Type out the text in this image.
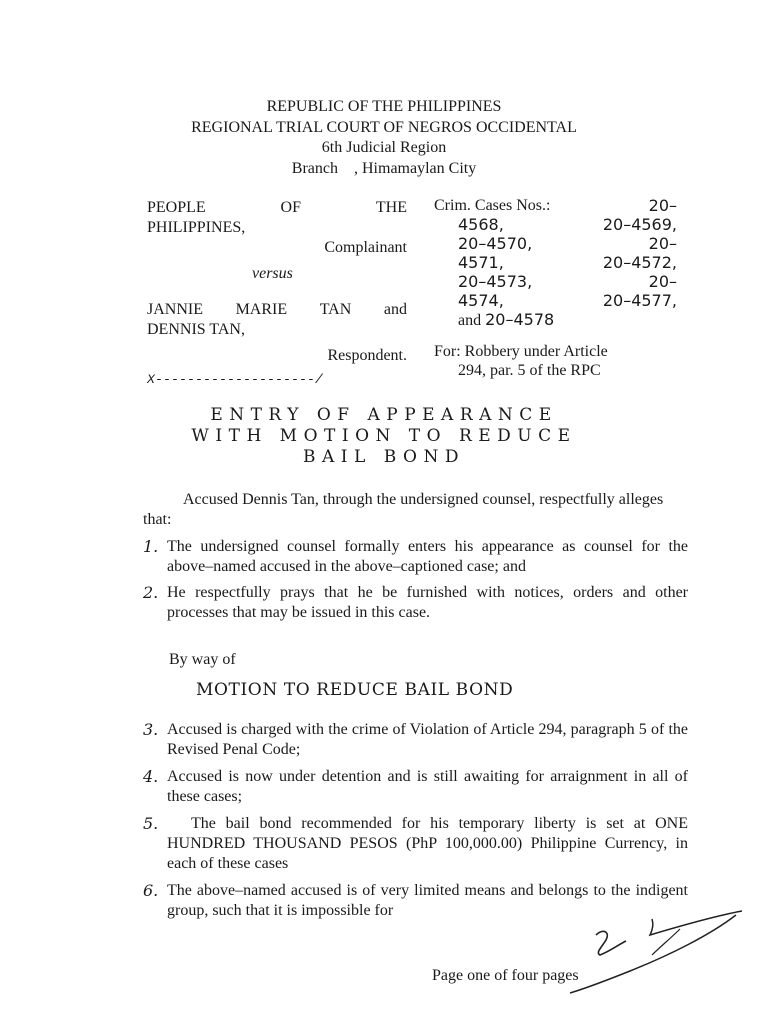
REPUBLIC OF THE PHILIPPINES
REGIONAL TRIAL COURT OF NEGROS OCCIDENTAL
6th Judicial Region
Branch    , Himamaylan City
PEOPLE	OF	THE
PHILIPPINES,
Complainant
versus
JANNIE MARIE TAN and
DENNIS TAN,
Respondent.
X--------------------/
Crim. Cases Nos.:	20–
4568,	20–4569,
20–4570,	20–
4571,	20–4572,
20–4573,	20–
4574,	20–4577,
and 20–4578
For: Robbery under Article
294, par. 5 of the RPC
ENTRY OF APPEARANCE
WITH MOTION TO REDUCE
BAIL BOND
Accused Dennis Tan, through the undersigned counsel, respectfully alleges that:
1. The undersigned counsel formally enters his appearance as counsel for the above–named accused in the above–captioned case; and
2. He respectfully prays that he be furnished with notices, orders and other processes that may be issued in this case.
By way of
MOTION TO REDUCE BAIL BOND
3. Accused is charged with the crime of Violation of Article 294, paragraph 5 of the Revised Penal Code;
4. Accused is now under detention and is still awaiting for arraignment in all of these cases;
5.	The bail bond recommended for his temporary liberty is set at ONE HUNDRED THOUSAND PESOS (PhP 100,000.00) Philippine Currency, in each of these cases
6. The above–named accused is of very limited means and belongs to the indigent group, such that it is impossible for
Page one of four pages
